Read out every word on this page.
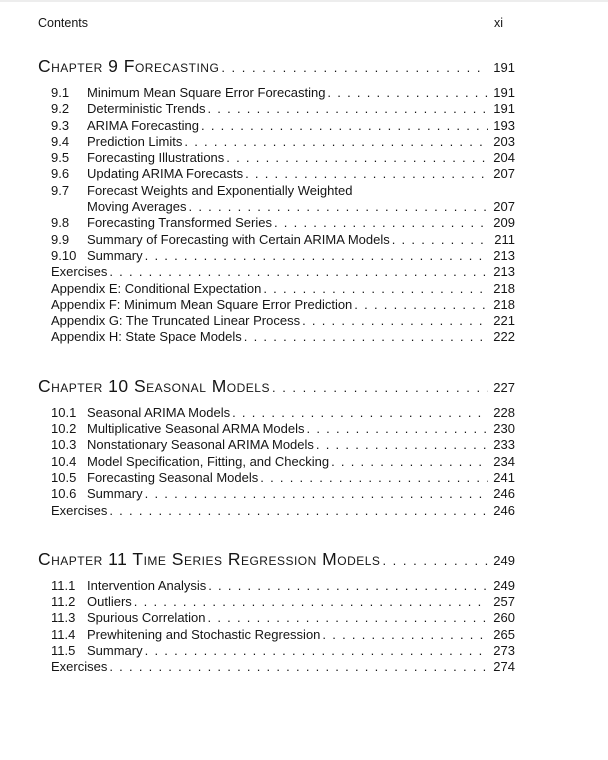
Contents	xi
Chapter 9 Forecasting . . .	191
9.1	Minimum Mean Square Error Forecasting . . .	191
9.2	Deterministic Trends . . .	191
9.3	ARIMA Forecasting . . .	193
9.4	Prediction Limits . . .	203
9.5	Forecasting Illustrations . . .	204
9.6	Updating ARIMA Forecasts . . .	207
9.7	Forecast Weights and Exponentially Weighted
Moving Averages . . .	207
9.8	Forecasting Transformed Series . . .	209
9.9	Summary of Forecasting with Certain ARIMA Models . . .	211
9.10 Summary . . .	213
Exercises . . .	213
Appendix E: Conditional Expectation . . .	218
Appendix F: Minimum Mean Square Error Prediction . . .	218
Appendix G: The Truncated Linear Process . . .	221
Appendix H: State Space Models . . .	222
Chapter 10 Seasonal Models . . .	227
10.1 Seasonal ARIMA Models . . .	228
10.2 Multiplicative Seasonal ARMA Models . . .	230
10.3 Nonstationary Seasonal ARIMA Models . . .	233
10.4 Model Specification, Fitting, and Checking . . .	234
10.5 Forecasting Seasonal Models . . .	241
10.6 Summary . . .	246
Exercises . . .	246
Chapter 11 Time Series Regression Models . . .	249
11.1 Intervention Analysis . . .	249
11.2 Outliers . . .	257
11.3 Spurious Correlation . . .	260
11.4 Prewhitening and Stochastic Regression . . .	265
11.5 Summary . . .	273
Exercises . . .	274
